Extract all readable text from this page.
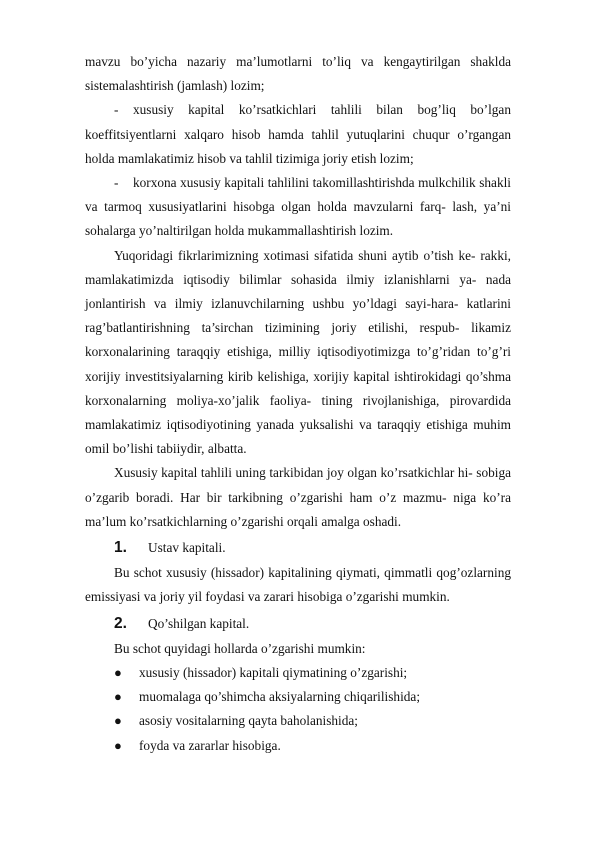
mavzu bo’yicha nazariy ma’lumotlarni to’liq va kengaytirilgan shaklda sistemalashtirish (jamlash) lozim;

- xususiy kapital ko’rsatkichlari tahlili bilan bog’liq bo’lgan koeffitsiyentlarni xalqaro hisob hamda tahlil yutuqlarini chuqur o’rgangan holda mamlakatimiz hisob va tahlil tizimiga joriy etish lozim;

- korxona xususiy kapitali tahlilini takomillashtirishda mulkchilik shakli va tarmoq xususiyatlarini hisobga olgan holda mavzularni farq- lash, ya’ni sohalarga yo’naltirilgan holda mukammallashtirish lozim.

Yuqoridagi fikrlarimizning xotimasi sifatida shuni aytib o’tish ke- rakki, mamlakatimizda iqtisodiy bilimlar sohasida ilmiy izlanishlarni ya- nada jonlantirish va ilmiy izlanuvchilarning ushbu yo’ldagi sayi-hara- katlarini rag’batlantirishning ta’sirchan tizimining joriy etilishi, respub- likamiz korxonalarining taraqqiy etishiga, milliy iqtisodiyotimizga to’g’ridan to’g’ri xorijiy investitsiyalarning kirib kelishiga, xorijiy kapital ishtirokidagi qo’shma korxonalarning moliya-xo’jalik faoliya- tining rivojlanishiga, pirovardida mamlakatimiz iqtisodiyotining yanada yuksalishi va taraqqiy etishiga muhim omil bo’lishi tabiiydir, albatta.

Xususiy kapital tahlili uning tarkibidan joy olgan ko’rsatkichlar hi- sobiga o’zgarib boradi. Har bir tarkibning o’zgarishi ham o’z mazmu- niga ko’ra ma’lum ko’rsatkichlarning o’zgarishi orqali amalga oshadi.

1.	Ustav kapitali.

Bu schot xususiy (hissador) kapitalining qiymati, qimmatli qog’ozlarning emissiyasi va joriy yil foydasi va zarari hisobiga o’zgarishi mumkin.

2.	Qo’shilgan kapital.

Bu schot quyidagi hollarda o’zgarishi mumkin:

●	xususiy (hissador) kapitali qiymatining o’zgarishi;
●	muomalaga qo’shimcha aksiyalarning chiqarilishida;
●	asosiy vositalarning qayta baholanishida;
●	foyda va zararlar hisobiga.
